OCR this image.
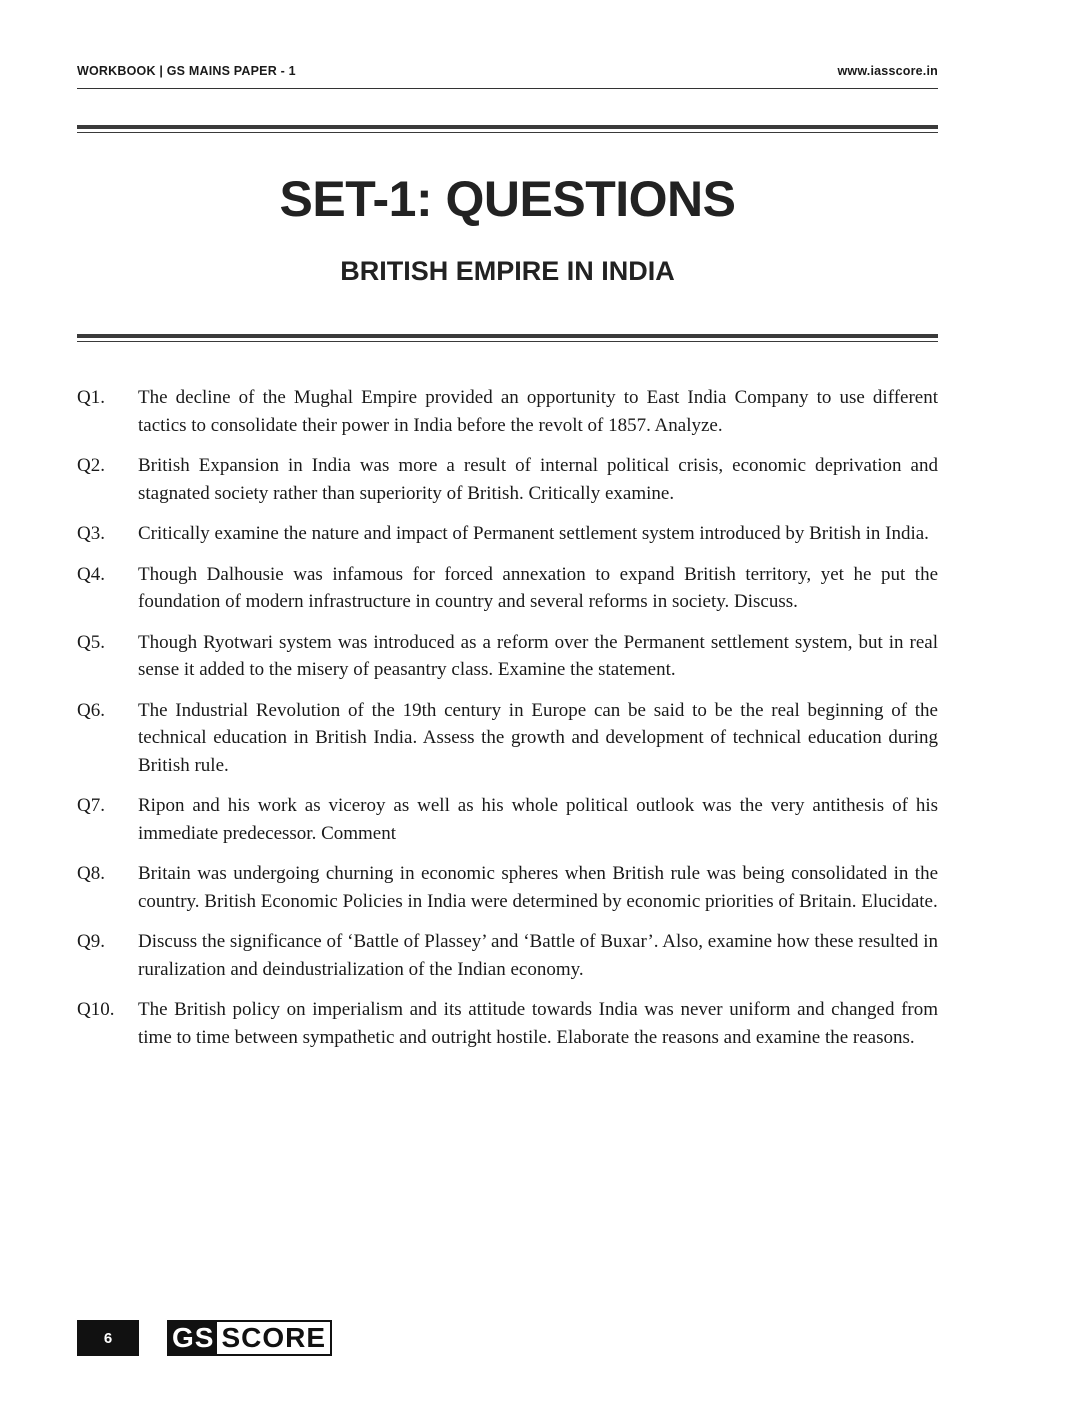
WORKBOOK | GS MAINS PAPER - 1	www.iasscore.in
SET-1: QUESTIONS
BRITISH EMPIRE IN INDIA
Q1.	The decline of the Mughal Empire provided an opportunity to East India Company to use different tactics to consolidate their power in India before the revolt of 1857. Analyze.
Q2.	British Expansion in India was more a result of internal political crisis, economic deprivation and stagnated society rather than superiority of British. Critically examine.
Q3.	Critically examine the nature and impact of Permanent settlement system introduced by British in India.
Q4.	Though Dalhousie was infamous for forced annexation to expand British territory, yet he put the foundation of modern infrastructure in country and several reforms in society. Discuss.
Q5.	Though Ryotwari system was introduced as a reform over the Permanent settlement system, but in real sense it added to the misery of peasantry class. Examine the statement.
Q6.	The Industrial Revolution of the 19th century in Europe can be said to be the real beginning of the technical education in British India. Assess the growth and development of technical education during British rule.
Q7.	Ripon and his work as viceroy as well as his whole political outlook was the very antithesis of his immediate predecessor. Comment
Q8.	Britain was undergoing churning in economic spheres when British rule was being consolidated in the country. British Economic Policies in India were determined by economic priorities of Britain. Elucidate.
Q9.	Discuss the significance of ‘Battle of Plassey’ and ‘Battle of Buxar’. Also, examine how these resulted in ruralization and deindustrialization of the Indian economy.
Q10.	The British policy on imperialism and its attitude towards India was never uniform and changed from time to time between sympathetic and outright hostile. Elaborate the reasons and examine the reasons.
6	GS SCORE
